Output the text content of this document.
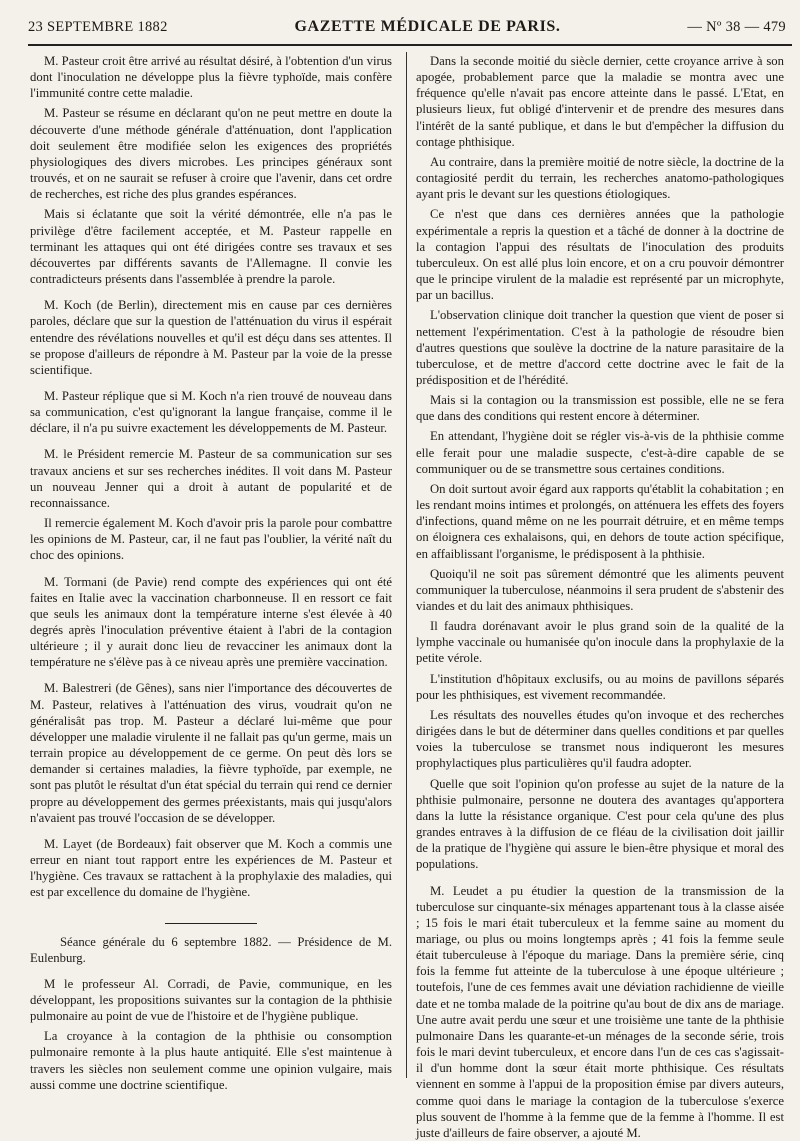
23 SEPTEMBRE 1882	GAZETTE MÉDICALE DE PARIS.	— Nº 38 — 479

M. Pasteur croit être arrivé au résultat désiré, à l'obtention d'un virus dont l'inoculation ne développe plus la fièvre typhoïde, mais confère l'immunité contre cette maladie.

M. Pasteur se résume en déclarant qu'on ne peut mettre en doute la découverte d'une méthode générale d'atténuation, dont l'application doit seulement être modifiée selon les exigences des propriétés physiologiques des divers microbes. Les principes généraux sont trouvés, et on ne saurait se refuser à croire que l'avenir, dans cet ordre de recherches, est riche des plus grandes espérances.

Mais si éclatante que soit la vérité démontrée, elle n'a pas le privilège d'être facilement acceptée, et M. Pasteur rappelle en terminant les attaques qui ont été dirigées contre ses travaux et ses découvertes par différents savants de l'Allemagne. Il convie les contradicteurs présents dans l'assemblée à prendre la parole.

M. Koch (de Berlin), directement mis en cause par ces dernières paroles, déclare que sur la question de l'atténuation du virus il espérait entendre des révélations nouvelles et qu'il est déçu dans ses attentes. Il se propose d'ailleurs de répondre à M. Pasteur par la voie de la presse scientifique.

M. Pasteur réplique que si M. Koch n'a rien trouvé de nouveau dans sa communication, c'est qu'ignorant la langue française, comme il le déclare, il n'a pu suivre exactement les développements de M. Pasteur.

M. le Président remercie M. Pasteur de sa communication sur ses travaux anciens et sur ses recherches inédites. Il voit dans M. Pasteur un nouveau Jenner qui a droit à autant de popularité et de reconnaissance.

Il remercie également M. Koch d'avoir pris la parole pour combattre les opinions de M. Pasteur, car, il ne faut pas l'oublier, la vérité naît du choc des opinions.

M. Tormani (de Pavie) rend compte des expériences qui ont été faites en Italie avec la vaccination charbonneuse. Il en ressort ce fait que seuls les animaux dont la température interne s'est élevée à 40 degrés après l'inoculation préventive étaient à l'abri de la contagion ultérieure ; il y aurait donc lieu de revacciner les animaux dont la température ne s'élève pas à ce niveau après une première vaccination.

M. Balestreri (de Gênes), sans nier l'importance des découvertes de M. Pasteur, relatives à l'atténuation des virus, voudrait qu'on ne généralisât pas trop. M. Pasteur a déclaré lui-même que pour développer une maladie virulente il ne fallait pas qu'un germe, mais un terrain propice au développement de ce germe. On peut dès lors se demander si certaines maladies, la fièvre typhoïde, par exemple, ne sont pas plutôt le résultat d'un état spécial du terrain qui rend ce dernier propre au développement des germes préexistants, mais qui jusqu'alors n'avaient pas trouvé l'occasion de se développer.

M. Layet (de Bordeaux) fait observer que M. Koch a commis une erreur en niant tout rapport entre les expériences de M. Pasteur et l'hygiène. Ces travaux se rattachent à la prophylaxie des maladies, qui est par excellence du domaine de l'hygiène.

Séance générale du 6 septembre 1882. — Présidence de M. Eulenburg.

M le professeur Al. Corradi, de Pavie, communique, en les développant, les propositions suivantes sur la contagion de la phthisie pulmonaire au point de vue de l'histoire et de l'hygiène publique.

La croyance à la contagion de la phthisie ou consomption pulmonaire remonte à la plus haute antiquité. Elle s'est maintenue à travers les siècles non seulement comme une opinion vulgaire, mais aussi comme une doctrine scientifique.

Dans la seconde moitié du siècle dernier, cette croyance arrive à son apogée, probablement parce que la maladie se montra avec une fréquence qu'elle n'avait pas encore atteinte dans le passé. L'Etat, en plusieurs lieux, fut obligé d'intervenir et de prendre des mesures dans l'intérêt de la santé publique, et dans le but d'empêcher la diffusion du contage phthisique.

Au contraire, dans la première moitié de notre siècle, la doctrine de la contagiosité perdit du terrain, les recherches anatomo-pathologiques ayant pris le devant sur les questions étiologiques.

Ce n'est que dans ces dernières années que la pathologie expérimentale a repris la question et a tâché de donner à la doctrine de la contagion l'appui des résultats de l'inoculation des produits tuberculeux. On est allé plus loin encore, et on a cru pouvoir démontrer que le principe virulent de la maladie est représenté par un microphyte, par un bacillus.

L'observation clinique doit trancher la question que vient de poser si nettement l'expérimentation. C'est à la pathologie de résoudre bien d'autres questions que soulève la doctrine de la nature parasitaire de la tuberculose, et de mettre d'accord cette doctrine avec le fait de la prédisposition et de l'hérédité.

Mais si la contagion ou la transmission est possible, elle ne se fera que dans des conditions qui restent encore à déterminer.

En attendant, l'hygiène doit se régler vis-à-vis de la phthisie comme elle ferait pour une maladie suspecte, c'est-à-dire capable de se communiquer ou de se transmettre sous certaines conditions.

On doit surtout avoir égard aux rapports qu'établit la cohabitation ; en les rendant moins intimes et prolongés, on atténuera les effets des foyers d'infections, quand même on ne les pourrait détruire, et en même temps on éloignera ces exhalaisons, qui, en dehors de toute action spécifique, en affaiblissant l'organisme, le prédisposent à la phthisie.

Quoiqu'il ne soit pas sûrement démontré que les aliments peuvent communiquer la tuberculose, néanmoins il sera prudent de s'abstenir des viandes et du lait des animaux phthisiques.

Il faudra dorénavant avoir le plus grand soin de la qualité de la lymphe vaccinale ou humanisée qu'on inocule dans la prophylaxie de la petite vérole.

L'institution d'hôpitaux exclusifs, ou au moins de pavillons séparés pour les phthisiques, est vivement recommandée.

Les résultats des nouvelles études qu'on invoque et des recherches dirigées dans le but de déterminer dans quelles conditions et par quelles voies la tuberculose se transmet nous indiqueront les mesures prophylactiques plus particulières qu'il faudra adopter.

Quelle que soit l'opinion qu'on professe au sujet de la nature de la phthisie pulmonaire, personne ne doutera des avantages qu'apportera dans la lutte la résistance organique. C'est pour cela qu'une des plus grandes entraves à la diffusion de ce fléau de la civilisation doit jaillir de la pratique de l'hygiène qui assure le bien-être physique et moral des populations.

M. Leudet a pu étudier la question de la transmission de la tuberculose sur cinquante-six ménages appartenant tous à la classe aisée ; 15 fois le mari était tuberculeux et la femme saine au moment du mariage, ou plus ou moins longtemps après ; 41 fois la femme seule était tuberculeuse à l'époque du mariage. Dans la première série, cinq fois la femme fut atteinte de la tuberculose à une époque ultérieure ; toutefois, l'une de ces femmes avait une déviation rachidienne de vieille date et ne tomba malade de la poitrine qu'au bout de dix ans de mariage. Une autre avait perdu une sœur et une troisième une tante de la phthisie pulmonaire Dans les quarante-et-un ménages de la seconde série, trois fois le mari devint tuberculeux, et encore dans l'un de ces cas s'agissait-il d'un homme dont la sœur était morte phthisique. Ces résultats viennent en somme à l'appui de la proposition émise par divers auteurs, comme quoi dans le mariage la contagion de la tuberculose s'exerce plus souvent de l'homme à la femme que de la femme à l'homme. Il est juste d'ailleurs de faire observer, a ajouté M.
